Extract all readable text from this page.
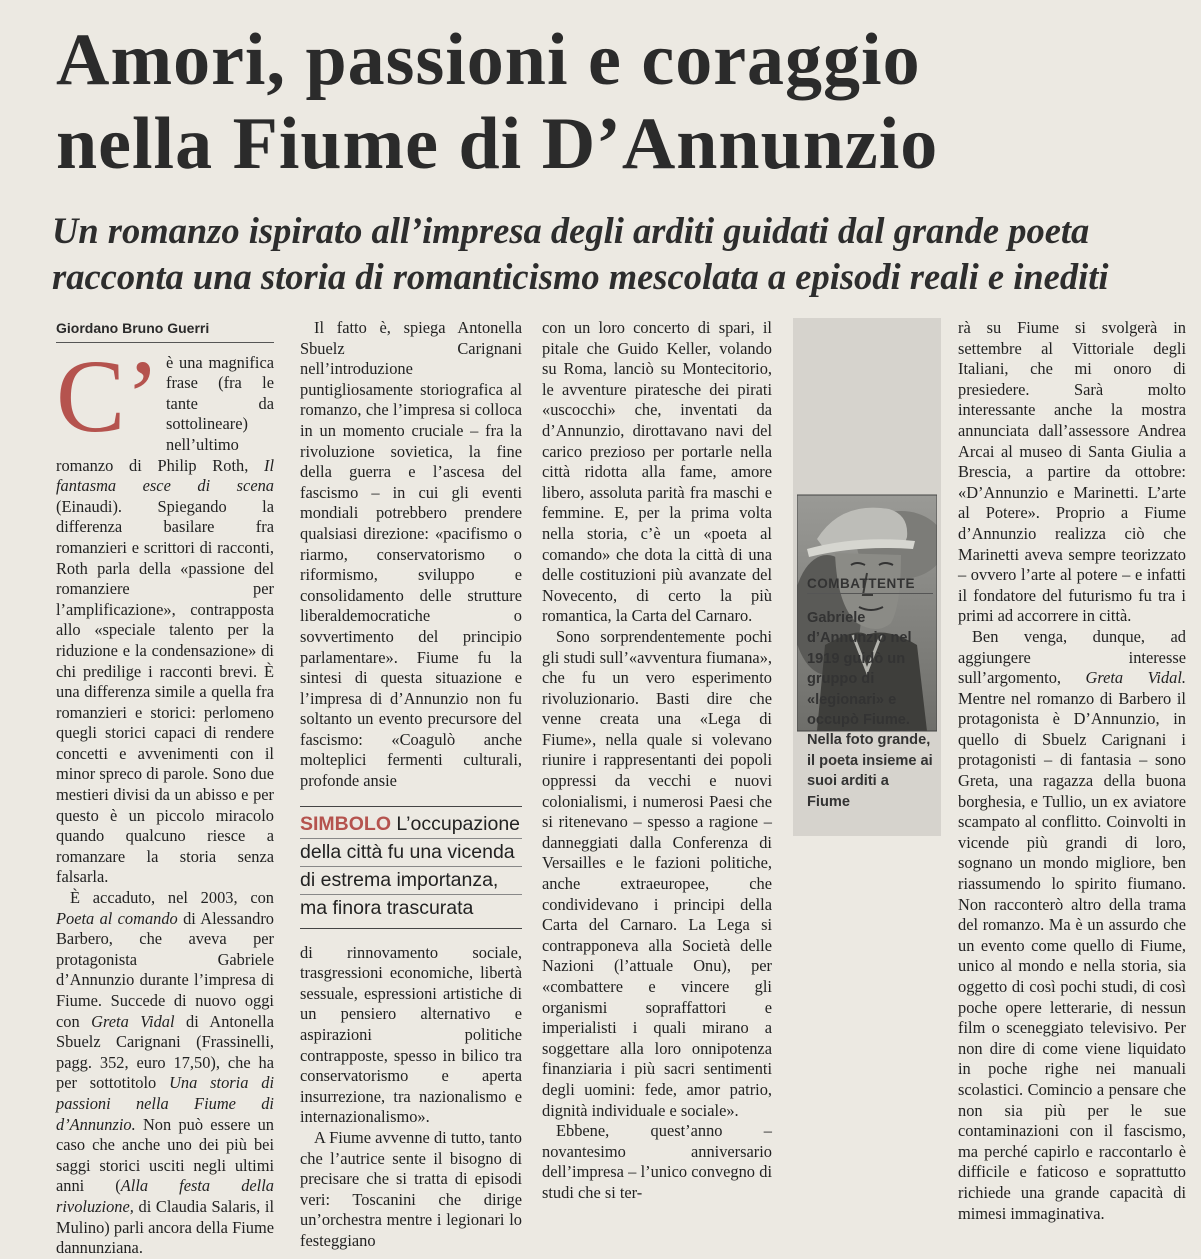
Amori, passioni e coraggio
nella Fiume di D’Annunzio
Un romanzo ispirato all’impresa degli arditi guidati dal grande poeta
racconta una storia di romanticismo mescolata a episodi reali e inediti
Giordano Bruno Guerri

C’ è una magnifica frase (fra le tante da sottolineare) nell’ultimo romanzo di Philip Roth, Il fantasma esce di scena (Einaudi). Spiegando la differenza basilare fra romanzieri e scrittori di racconti, Roth parla della «passione del romanziere per l’amplificazione», contrapposta allo «speciale talento per la riduzione e la condensazione» di chi predilige i racconti brevi. È una differenza simile a quella fra romanzieri e storici: perlomeno quegli storici capaci di rendere concetti e avvenimenti con il minor spreco di parole. Sono due mestieri divisi da un abisso e per questo è un piccolo miracolo quando qualcuno riesce a romanzare la storia senza falsarla.

È accaduto, nel 2003, con Poeta al comando di Alessandro Barbero, che aveva per protagonista Gabriele d’Annunzio durante l’impresa di Fiume. Succede di nuovo oggi con Greta Vidal di Antonella Sbuelz Carignani (Frassinelli, pagg. 352, euro 17,50), che ha per sottotitolo Una storia di passioni nella Fiume di d’Annunzio. Non può essere un caso che anche uno dei più bei saggi storici usciti negli ultimi anni (Alla festa della rivoluzione, di Claudia Salaris, il Mulino) parli ancora della Fiume dannunziana.

Il fatto è, spiega Antonella Sbuelz Carignani nell’introduzione puntigliosamente storiografica al romanzo, che l’impresa si colloca in un momento cruciale – fra la rivoluzione sovietica, la fine della guerra e l’ascesa del fascismo – in cui gli eventi mondiali potrebbero prendere qualsiasi direzione: «pacifismo o riarmo, conservatorismo o riformismo, sviluppo e consolidamento delle strutture liberaldemocratiche o sovvertimento del principio parlamentare». Fiume fu la sintesi di questa situazione e l’impresa di d’Annunzio non fu soltanto un evento precursore del fascismo: «Coagulò anche molteplici fermenti culturali, profonde ansie

SIMBOLO L’occupazione
della città fu una vicenda
di estrema importanza,
ma finora trascurata

di rinnovamento sociale, trasgressioni economiche, libertà sessuale, espressioni artistiche di un pensiero alternativo e aspirazioni politiche contrapposte, spesso in bilico tra conservatorismo e aperta insurrezione, tra nazionalismo e internazionalismo».

A Fiume avvenne di tutto, tanto che l’autrice sente il bisogno di precisare che si tratta di episodi veri: Toscanini che dirige un’orchestra mentre i legionari lo festeggiano

con un loro concerto di spari, il pitale che Guido Keller, volando su Roma, lanciò su Montecitorio, le avventure piratesche dei pirati «uscocchi» che, inventati da d’Annunzio, dirottavano navi del carico prezioso per portarle nella città ridotta alla fame, amore libero, assoluta parità fra maschi e femmine. E, per la prima volta nella storia, c’è un «poeta al comando» che dota la città di una delle costituzioni più avanzate del Novecento, di certo la più romantica, la Carta del Carnaro.

Sono sorprendentemente pochi gli studi sull’«avventura fiumana», che fu un vero esperimento rivoluzionario. Basti dire che venne creata una «Lega di Fiume», nella quale si volevano riunire i rappresentanti dei popoli oppressi da vecchi e nuovi colonialismi, i numerosi Paesi che si ritenevano – spesso a ragione – danneggiati dalla Conferenza di Versailles e le fazioni politiche, anche extraeuropee, che condividevano i principi della Carta del Carnaro. La Lega si contrapponeva alla Società delle Nazioni (l’attuale Onu), per «combattere e vincere gli organismi sopraffattori e imperialisti i quali mirano a soggettare alla loro onnipotenza finanziaria i più sacri sentimenti degli uomini: fede, amor patrio, dignità individuale e sociale».

Ebbene, quest’anno – novantesimo anniversario dell’impresa – l’unico convegno di studi che si ter-

COMBATTENTE
Gabriele d’Annunzio nel 1919 guidò un gruppo di «legionari» e occupò Fiume. Nella foto grande, il poeta insieme ai suoi arditi a Fiume

rà su Fiume si svolgerà in settembre al Vittoriale degli Italiani, che mi onoro di presiedere. Sarà molto interessante anche la mostra annunciata dall’assessore Andrea Arcai al museo di Santa Giulia a Brescia, a partire da ottobre: «D’Annunzio e Marinetti. L’arte al Potere». Proprio a Fiume d’Annunzio realizza ciò che Marinetti aveva sempre teorizzato – ovvero l’arte al potere – e infatti il fondatore del futurismo fu tra i primi ad accorrere in città.

Ben venga, dunque, ad aggiungere interesse sull’argomento, Greta Vidal. Mentre nel romanzo di Barbero il protagonista è D’Annunzio, in quello di Sbuelz Carignani i protagonisti – di fantasia – sono Greta, una ragazza della buona borghesia, e Tullio, un ex aviatore scampato al conflitto. Coinvolti in vicende più grandi di loro, sognano un mondo migliore, ben riassumendo lo spirito fiumano. Non racconterò altro della trama del romanzo. Ma è un assurdo che un evento come quello di Fiume, unico al mondo e nella storia, sia oggetto di così pochi studi, di così poche opere letterarie, di nessun film o sceneggiato televisivo. Per non dire di come viene liquidato in poche righe nei manuali scolastici. Comincio a pensare che non sia più per le sue contaminazioni con il fascismo, ma perché capirlo e raccontarlo è difficile e faticoso e soprattutto richiede una grande capacità di mimesi immaginativa.
